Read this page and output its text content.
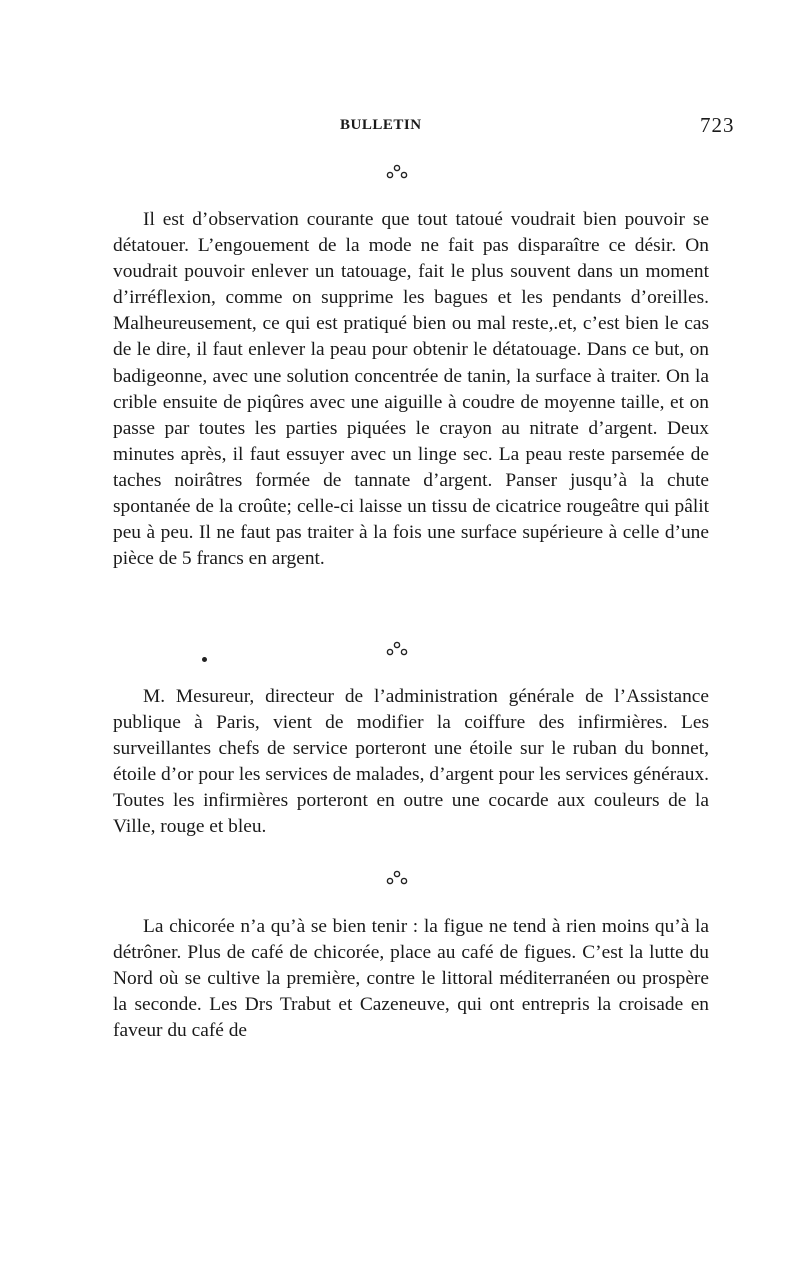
BULLETIN	723

Il est d’observation courante que tout tatoué voudrait bien pouvoir se détatouer. L’engouement de la mode ne fait pas disparaître ce désir. On voudrait pouvoir enlever un tatouage, fait le plus souvent dans un moment d’irréflexion, comme on supprime les bagues et les pendants d’oreilles. Malheureusement, ce qui est pratiqué bien ou mal reste,.et, c’est bien le cas de le dire, il faut enlever la peau pour obtenir le détatouage. Dans ce but, on badigeonne, avec une solution concentrée de tanin, la surface à traiter. On la crible ensuite de piqûres avec une aiguille à coudre de moyenne taille, et on passe par toutes les parties piquées le crayon au nitrate d’argent. Deux minutes après, il faut essuyer avec un linge sec. La peau reste parsemée de taches noirâtres formée de tannate d’argent. Panser jusqu’à la chute spontanée de la croûte; celle-ci laisse un tissu de cicatrice rougeâtre qui pâlit peu à peu. Il ne faut pas traiter à la fois une surface supérieure à celle d’une pièce de 5 francs en argent.

M. Mesureur, directeur de l’administration générale de l’Assistance publique à Paris, vient de modifier la coiffure des infirmières. Les surveillantes chefs de service porteront une étoile sur le ruban du bonnet, étoile d’or pour les services de malades, d’argent pour les services généraux. Toutes les infirmières porteront en outre une cocarde aux couleurs de la Ville, rouge et bleu.

La chicorée n’a qu’à se bien tenir : la figue ne tend à rien moins qu’à la détrôner. Plus de café de chicorée, place au café de figues. C’est la lutte du Nord où se cultive la première, contre le littoral méditerranéen ou prospère la seconde. Les Drs Trabut et Cazeneuve, qui ont entrepris la croisade en faveur du café de
